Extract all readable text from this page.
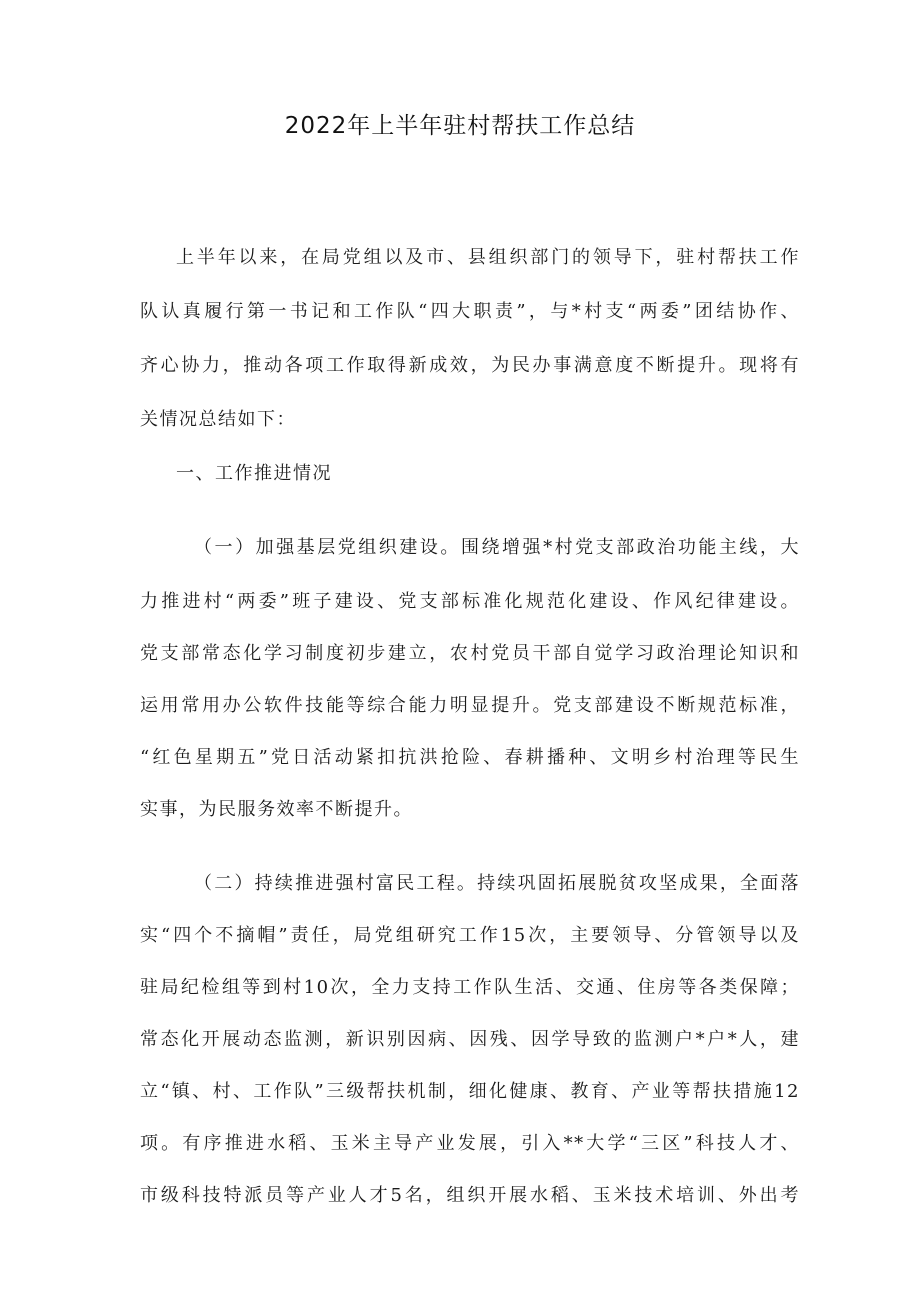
2022年上半年驻村帮扶工作总结
上半年以来，在局党组以及市、县组织部门的领导下，驻村帮扶工作
队认真履行第一书记和工作队“四大职责”，与*村支“两委”团结协作、
齐心协力，推动各项工作取得新成效，为民办事满意度不断提升。现将有
关情况总结如下：
一、工作推进情况
（一）加强基层党组织建设。围绕增强*村党支部政治功能主线，大
力推进村“两委”班子建设、党支部标准化规范化建设、作风纪律建设。
党支部常态化学习制度初步建立，农村党员干部自觉学习政治理论知识和
运用常用办公软件技能等综合能力明显提升。党支部建设不断规范标准，
“红色星期五”党日活动紧扣抗洪抢险、春耕播种、文明乡村治理等民生
实事，为民服务效率不断提升。
（二）持续推进强村富民工程。持续巩固拓展脱贫攻坚成果，全面落
实“四个不摘帽”责任，局党组研究工作15次，主要领导、分管领导以及
驻局纪检组等到村10次，全力支持工作队生活、交通、住房等各类保障；
常态化开展动态监测，新识别因病、因残、因学导致的监测户*户*人，建
立“镇、村、工作队”三级帮扶机制，细化健康、教育、产业等帮扶措施12
项。有序推进水稻、玉米主导产业发展，引入**大学“三区”科技人才、
市级科技特派员等产业人才5名，组织开展水稻、玉米技术培训、外出考
